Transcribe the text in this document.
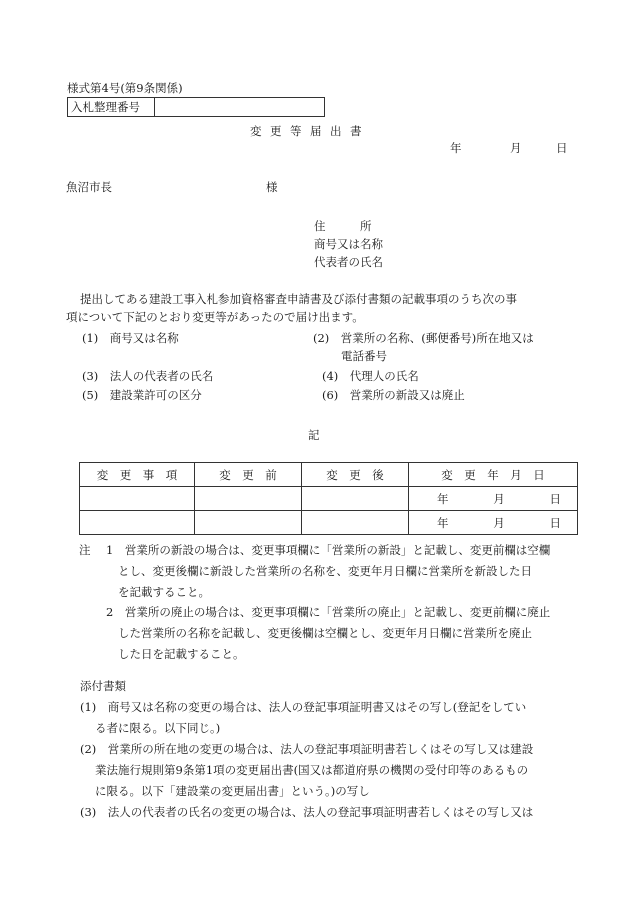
様式第4号(第9条関係)
入札整理番号
変更等届出書
年	月	日
魚沼市長	様
住　　　所
商号又は名称
代表者の氏名
提出してある建設工事入札参加資格審査申請書及び添付書類の記載事項のうち次の事
項について下記のとおり変更等があったので届け出ます。
(1)　商号又は名称	(2)　営業所の名称、(郵便番号)所在地又は
電話番号
(3)　法人の代表者の氏名	(4)　代理人の氏名
(5)　建設業許可の区分	(6)　営業所の新設又は廃止
記
変　更　事　項	変　更　前	変　更　後	変　更　年　月　日

			年 月 日

			年 月 日
注 1　営業所の新設の場合は、変更事項欄に「営業所の新設」と記載し、変更前欄は空欄
とし、変更後欄に新設した営業所の名称を、変更年月日欄に営業所を新設した日
を記載すること。
2　営業所の廃止の場合は、変更事項欄に「営業所の廃止」と記載し、変更前欄に廃止
した営業所の名称を記載し、変更後欄は空欄とし、変更年月日欄に営業所を廃止
した日を記載すること。
添付書類
(1)　商号又は名称の変更の場合は、法人の登記事項証明書又はその写し(登記をしてい
る者に限る。以下同じ。)
(2)　営業所の所在地の変更の場合は、法人の登記事項証明書若しくはその写し又は建設
業法施行規則第9条第1項の変更届出書(国又は都道府県の機関の受付印等のあるもの
に限る。以下「建設業の変更届出書」という。)の写し
(3)　法人の代表者の氏名の変更の場合は、法人の登記事項証明書若しくはその写し又は
